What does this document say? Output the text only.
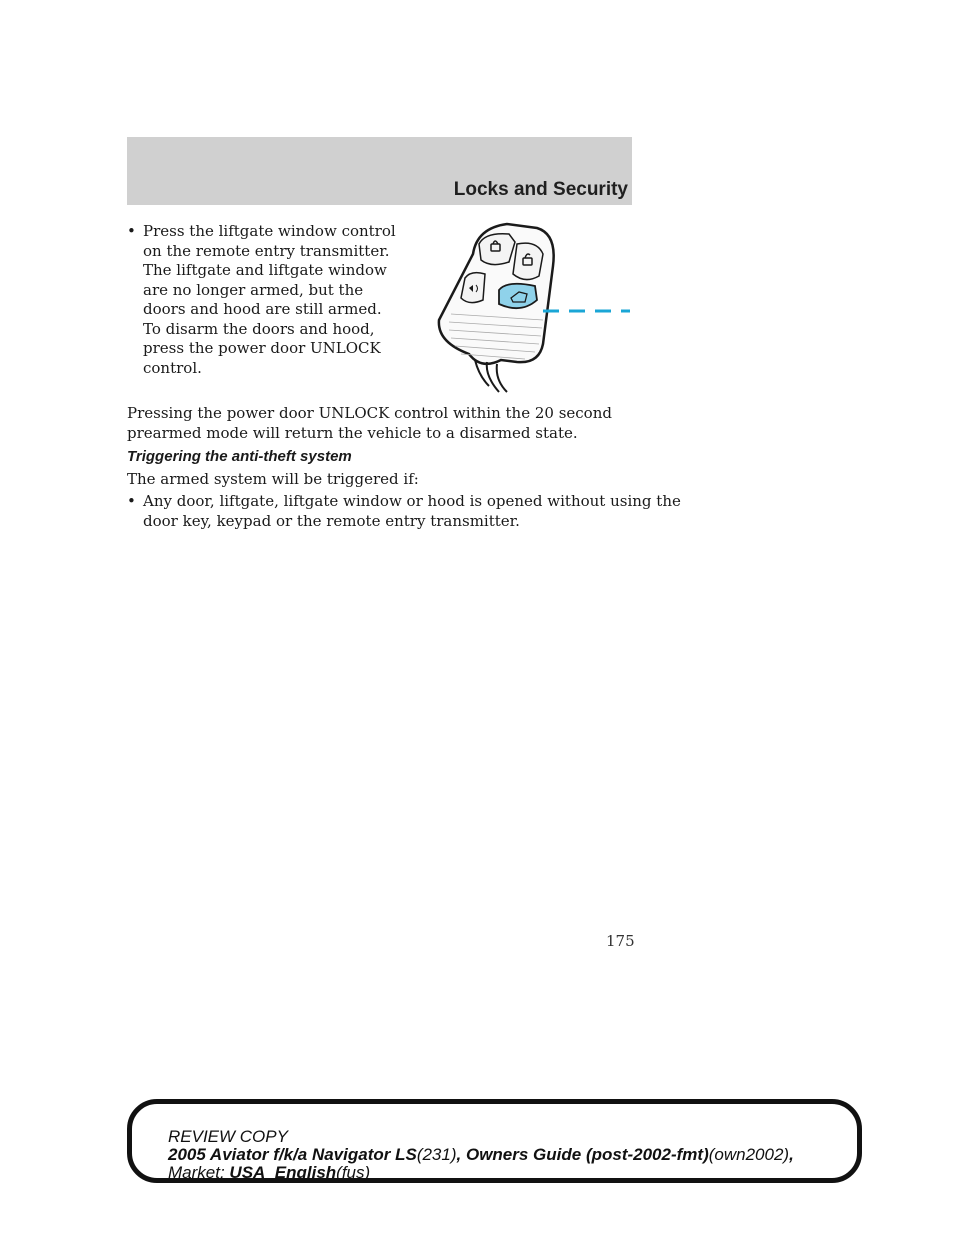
Locks and Security
• Press the liftgate window control
on the remote entry transmitter.
The liftgate and liftgate window
are no longer armed, but the
doors and hood are still armed.
To disarm the doors and hood,
press the power door UNLOCK
control.
Pressing the power door UNLOCK control within the 20 second
prearmed mode will return the vehicle to a disarmed state.
Triggering the anti-theft system
The armed system will be triggered if:
• Any door, liftgate, liftgate window or hood is opened without using the
door key, keypad or the remote entry transmitter.
175
REVIEW COPY
2005 Aviator f/k/a Navigator LS(231), Owners Guide (post-2002-fmt)(own2002),
Market: USA_English(fus)
